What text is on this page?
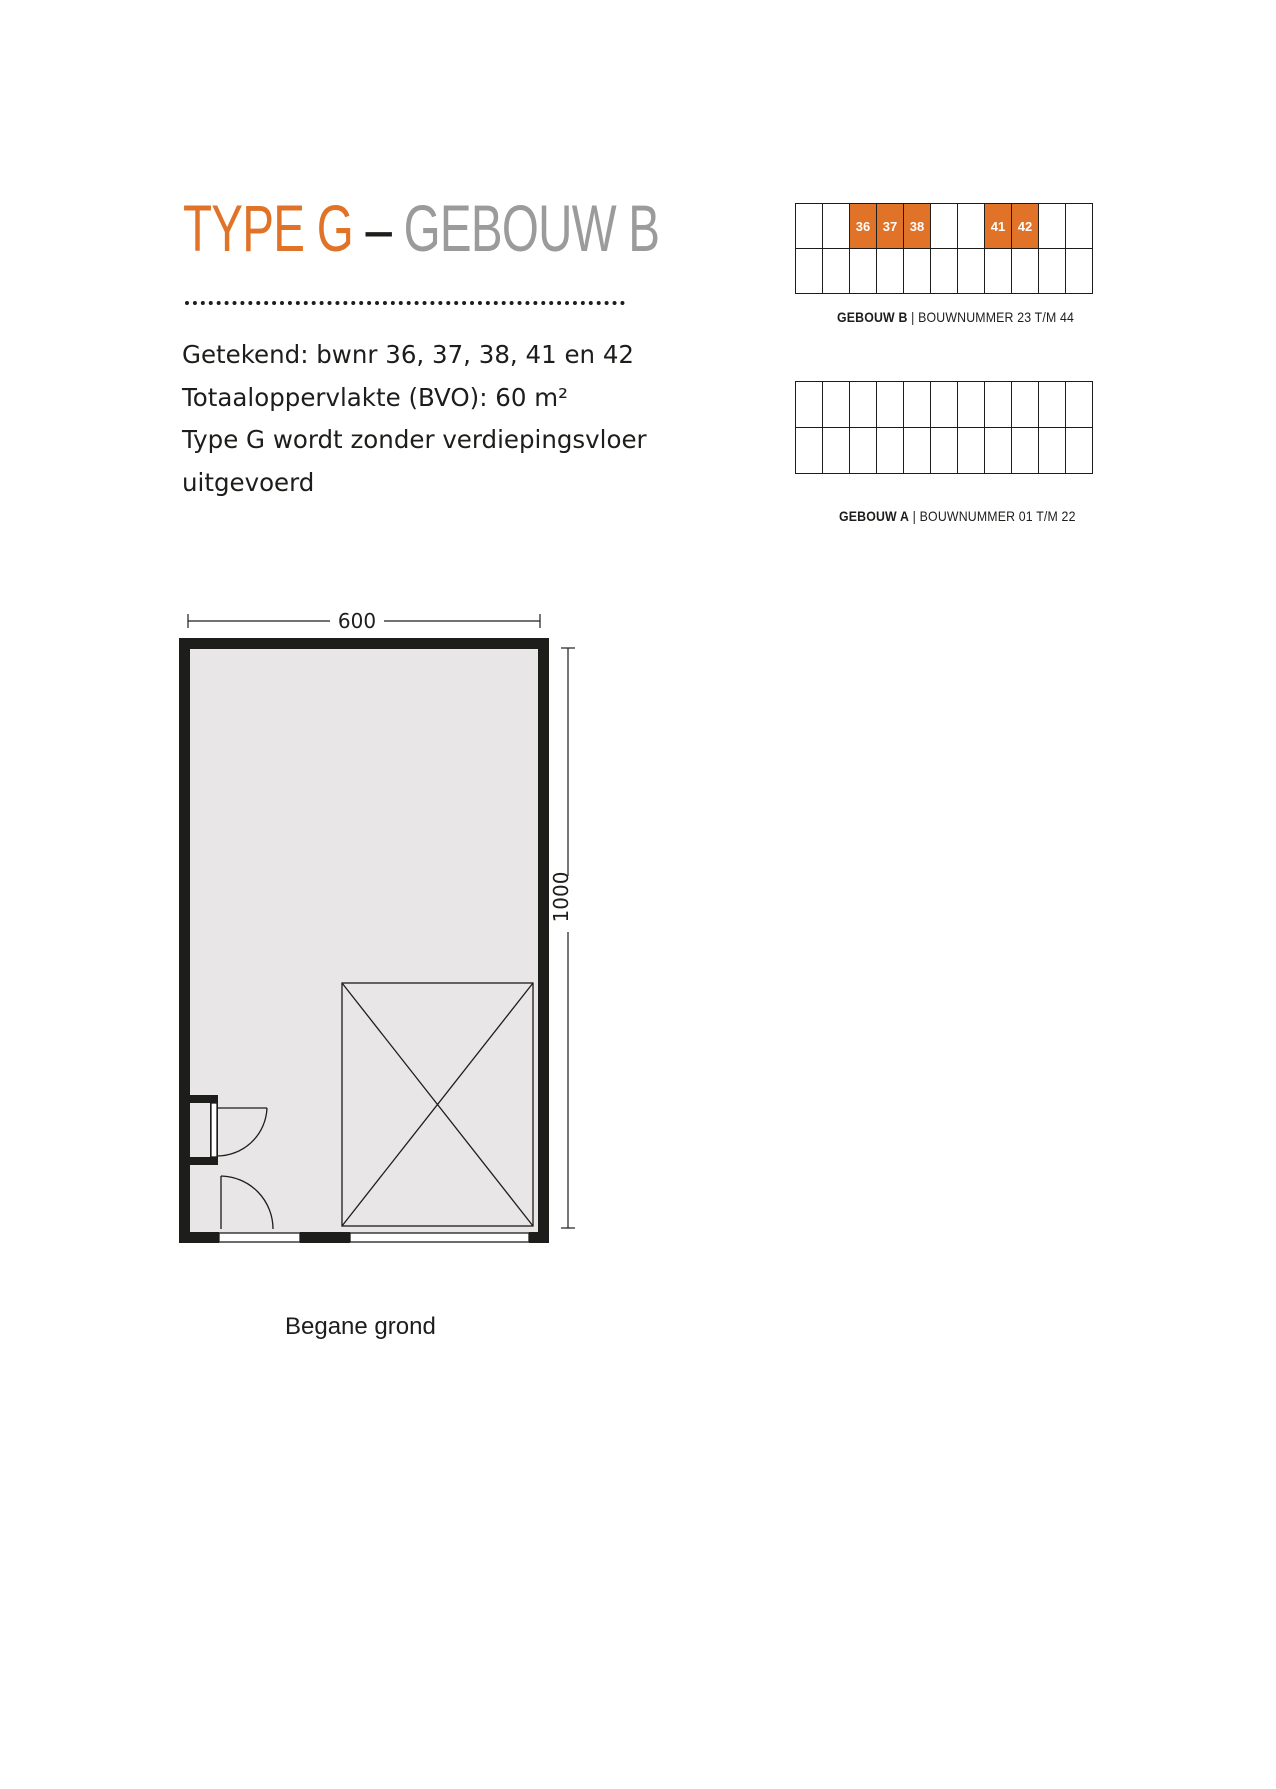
TYPE G – GEBOUW B

Getekend: bwnr 36, 37, 38, 41 en 42

Totaaloppervlakte (BVO): 60 m²

Type G wordt zonder verdiepingsvloer

uitgevoerd

		36	37	38			41	42		

GEBOUW B | BOUWNUMMER 23 T/M 44

GEBOUW A | BOUWNUMMER 01 T/M 22
600
1000
Begane grond
